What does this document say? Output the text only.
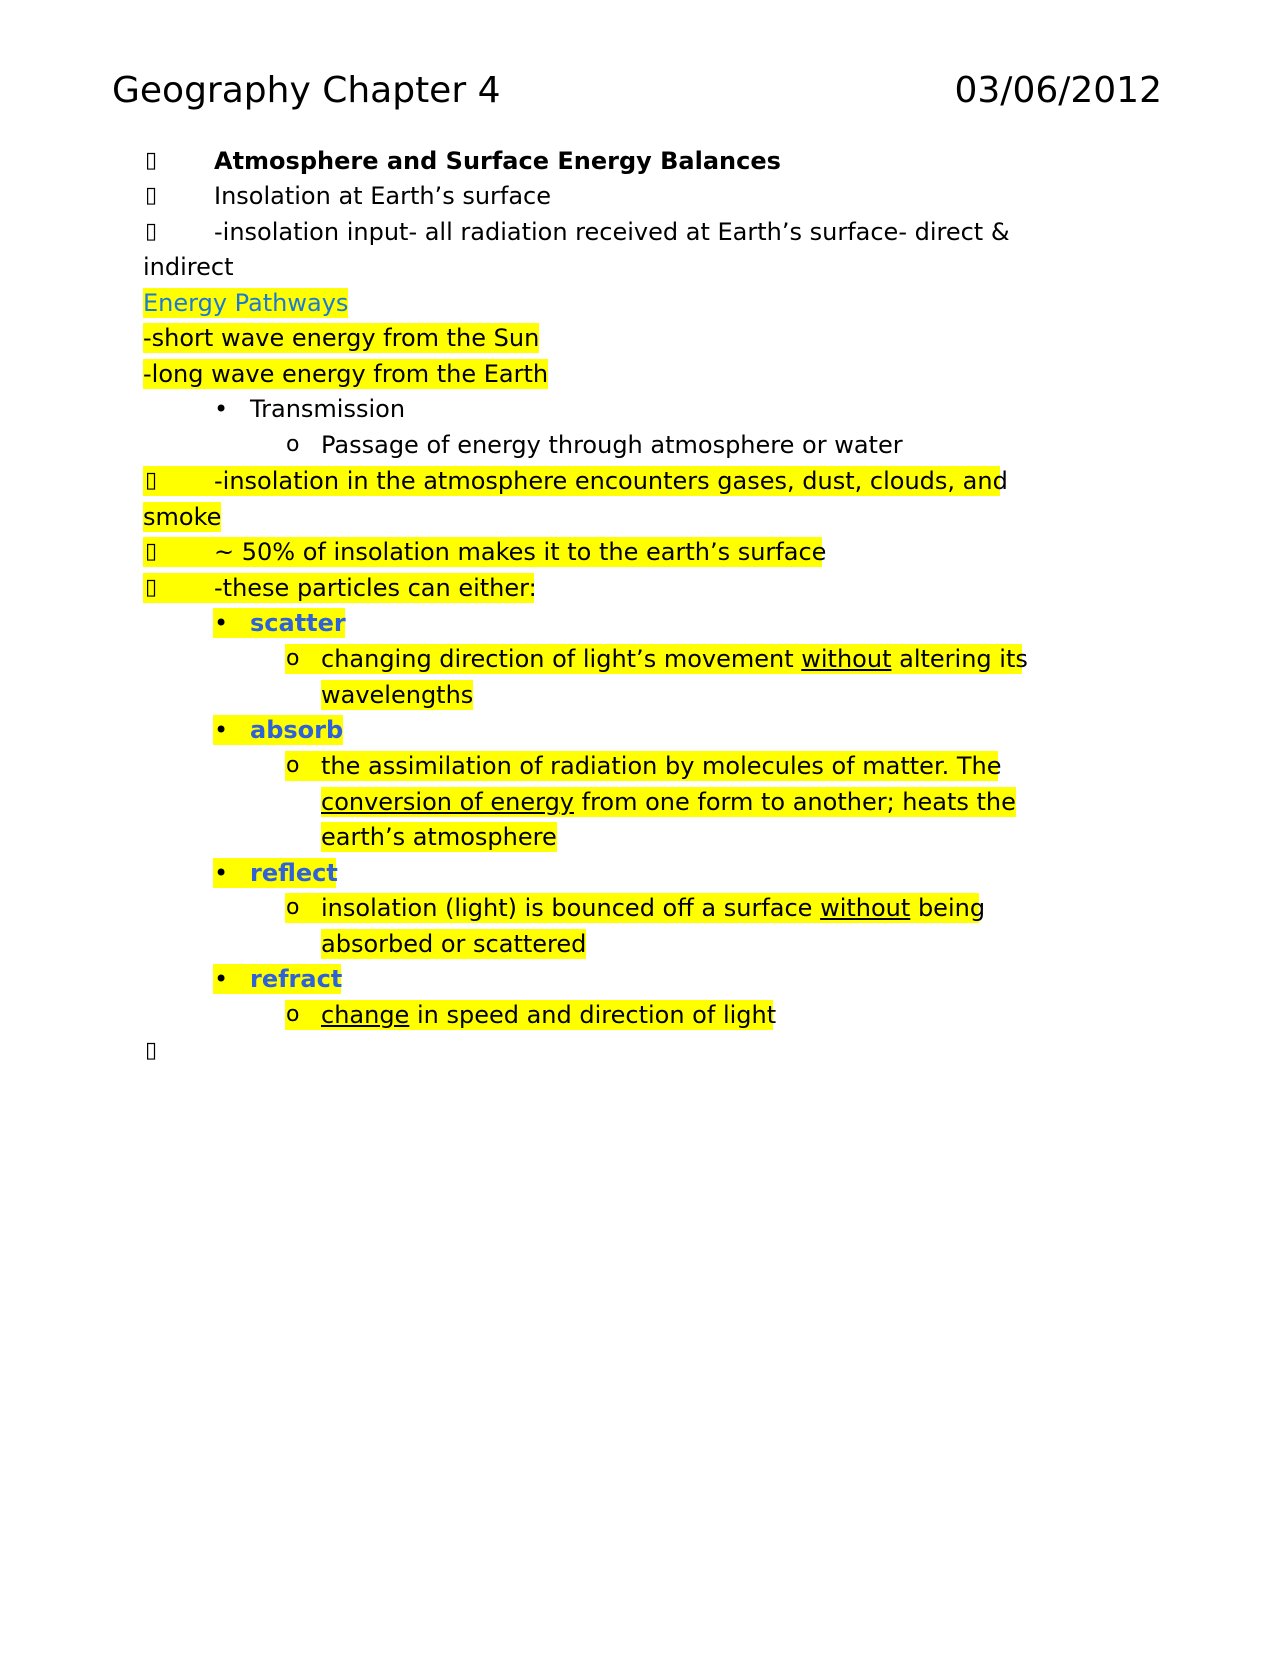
Geography Chapter 4	03/06/2012
▯ Atmosphere and Surface Energy Balances
▯ Insolation at Earth’s surface
▯ -insolation input- all radiation received at Earth’s surface- direct &
indirect
Energy Pathways
-short wave energy from the Sun
-long wave energy from the Earth
• Transmission
o Passage of energy through atmosphere or water
▯ -insolation in the atmosphere encounters gases, dust, clouds, and
smoke
▯ ~ 50% of insolation makes it to the earth’s surface
▯ -these particles can either:
• scatter
o changing direction of light’s movement without altering its
wavelengths
• absorb
o the assimilation of radiation by molecules of matter. The
conversion of energy from one form to another; heats the
earth’s atmosphere
• reflect
o insolation (light) is bounced off a surface without being
absorbed or scattered
• refract
o change in speed and direction of light
▯
